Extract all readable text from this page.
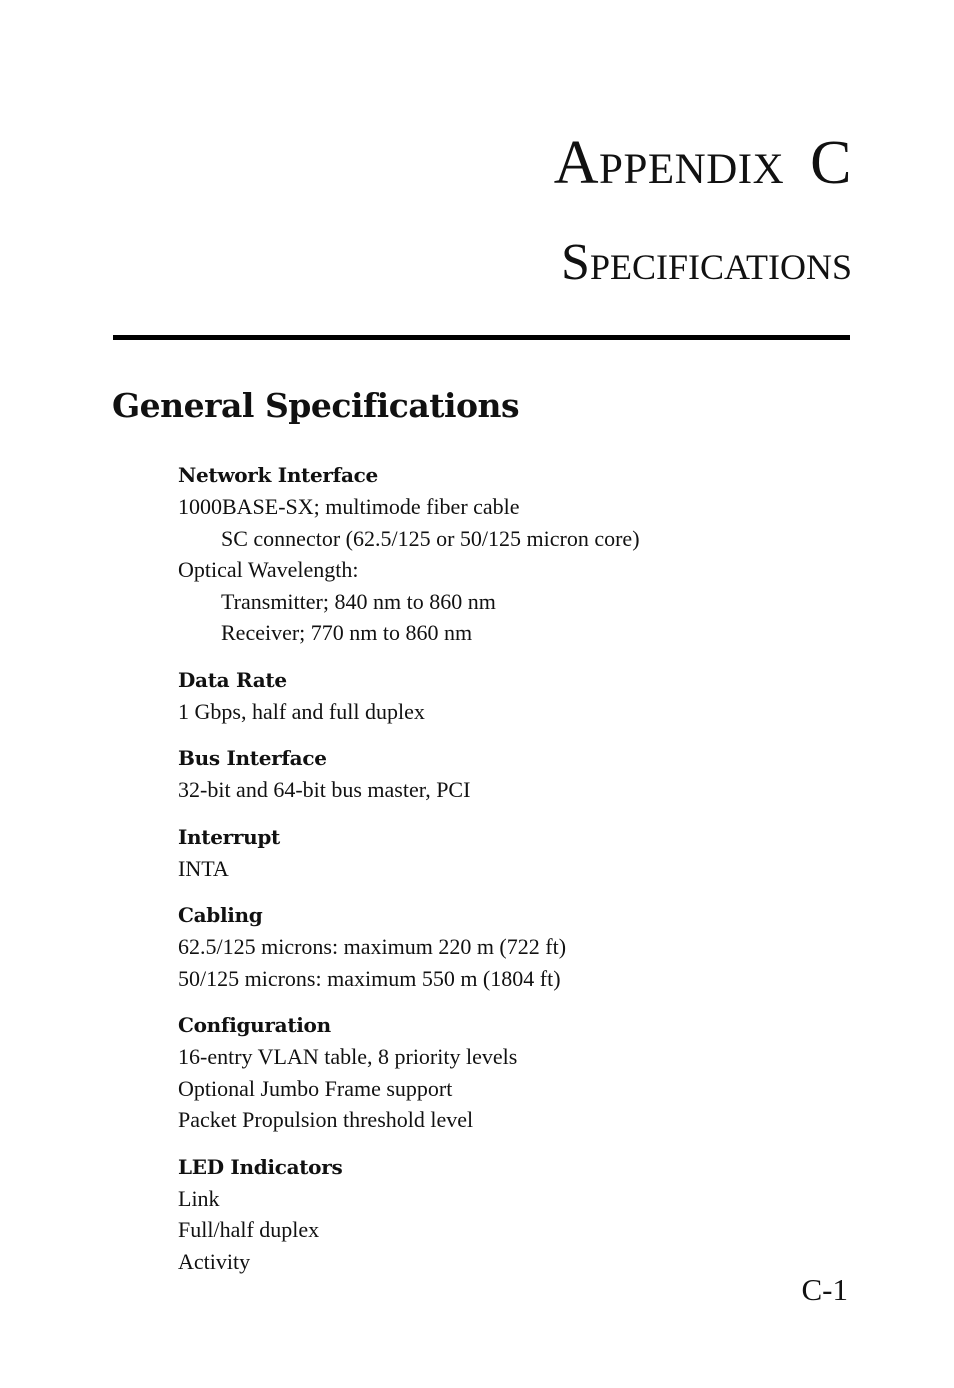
Appendix C
Specifications
General Specifications
Network Interface
1000BASE-SX; multimode fiber cable
SC connector (62.5/125 or 50/125 micron core)
Optical Wavelength:
Transmitter; 840 nm to 860 nm
Receiver; 770 nm to 860 nm
Data Rate
1 Gbps, half and full duplex
Bus Interface
32-bit and 64-bit bus master, PCI
Interrupt
INTA
Cabling
62.5/125 microns: maximum 220 m (722 ft)
50/125 microns: maximum 550 m (1804 ft)
Configuration
16-entry VLAN table, 8 priority levels
Optional Jumbo Frame support
Packet Propulsion threshold level
LED Indicators
Link
Full/half duplex
Activity
C-1
